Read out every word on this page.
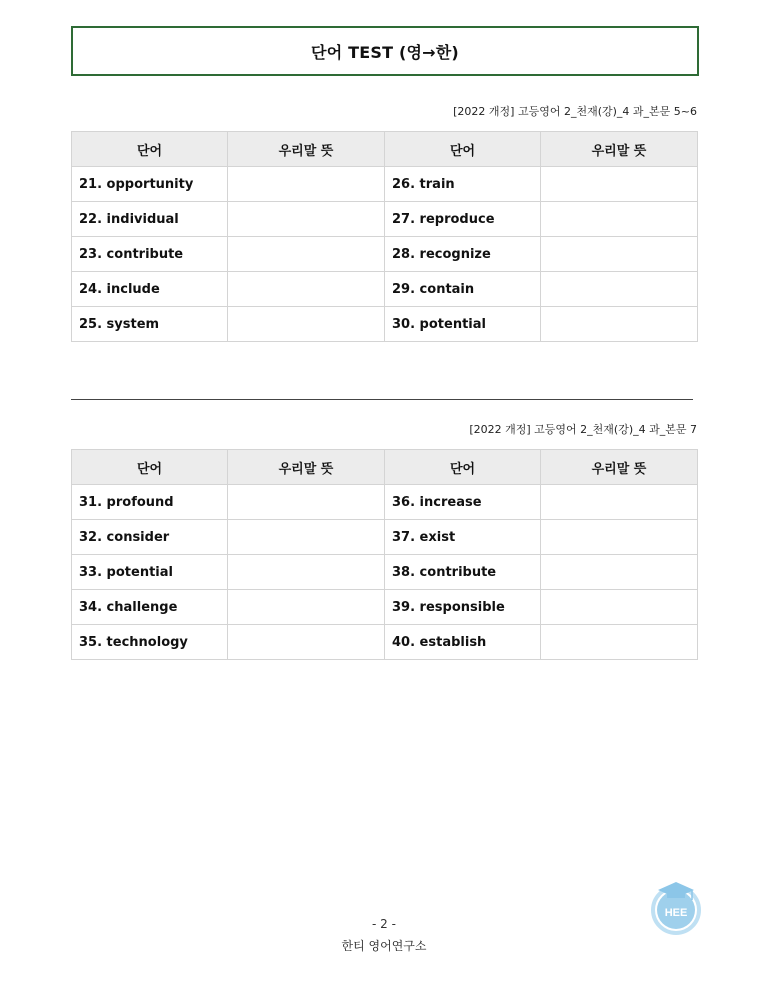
단어 TEST (영→한)
[2022 개정] 고등영어 2_천재(강)_4 과_본문 5~6
단어	우리말 뜻	단어	우리말 뜻
21. opportunity		26. train	
22. individual		27. reproduce	
23. contribute		28. recognize	
24. include		29. contain	
25. system		30. potential	
[2022 개정] 고등영어 2_천재(강)_4 과_본문 7
단어	우리말 뜻	단어	우리말 뜻
31. profound		36. increase	
32. consider		37. exist	
33. potential		38. contribute	
34. challenge		39. responsible	
35. technology		40. establish	
- 2 -
한티 영어연구소
HEE
